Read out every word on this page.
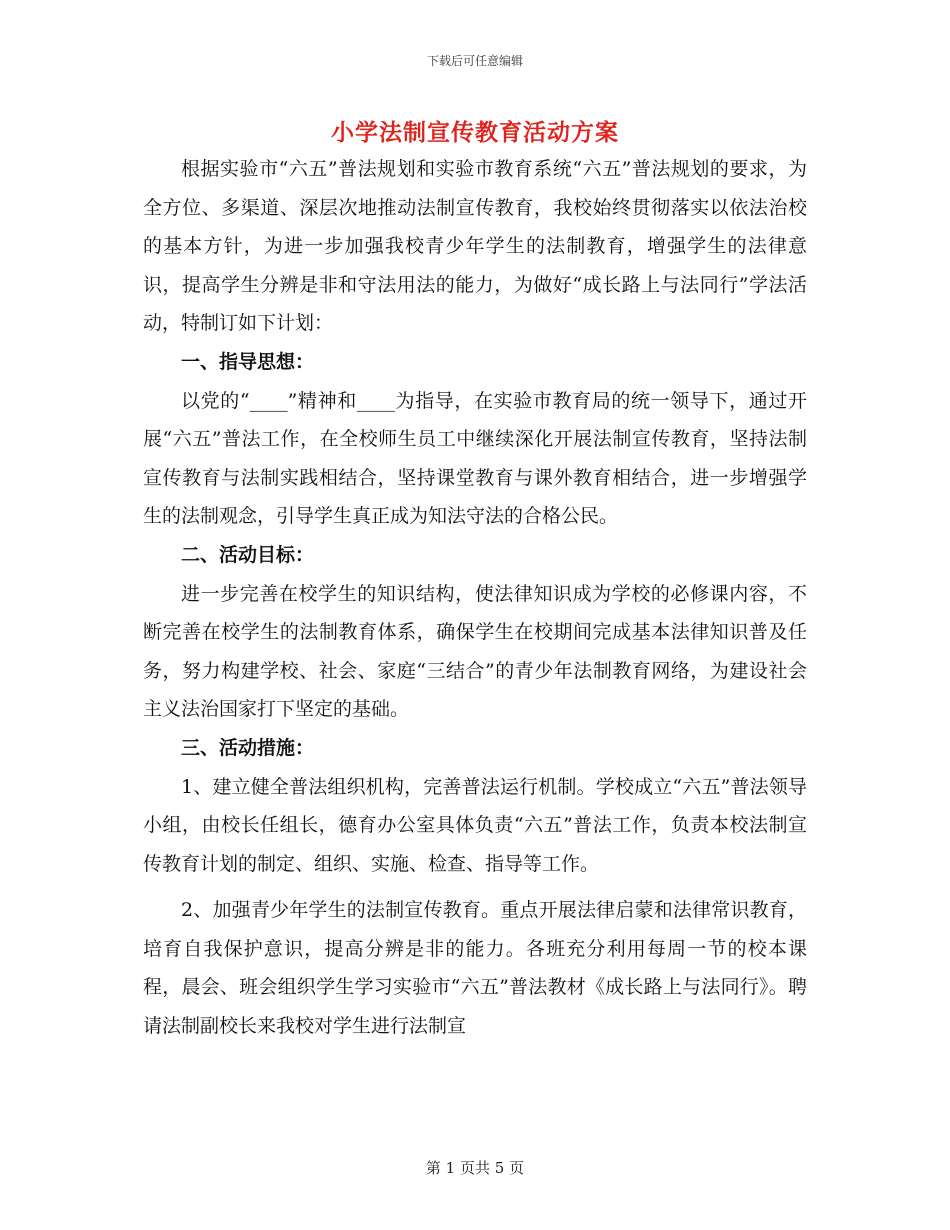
下载后可任意编辑
小学法制宣传教育活动方案

根据实验市“六五”普法规划和实验市教育系统“六五”普法规划的要求，为全方位、多渠道、深层次地推动法制宣传教育，我校始终贯彻落实以依法治校的基本方针，为进一步加强我校青少年学生的法制教育，增强学生的法律意识，提高学生分辨是非和守法用法的能力，为做好“成长路上与法同行”学法活动，特制订如下计划：

一、指导思想：

以党的“____”精神和____为指导，在实验市教育局的统一领导下，通过开展“六五”普法工作，在全校师生员工中继续深化开展法制宣传教育，坚持法制宣传教育与法制实践相结合，坚持课堂教育与课外教育相结合，进一步增强学生的法制观念，引导学生真正成为知法守法的合格公民。

二、活动目标：

进一步完善在校学生的知识结构，使法律知识成为学校的必修课内容，不断完善在校学生的法制教育体系，确保学生在校期间完成基本法律知识普及任务，努力构建学校、社会、家庭“三结合”的青少年法制教育网络，为建设社会主义法治国家打下坚定的基础。

三、活动措施：

1、建立健全普法组织机构，完善普法运行机制。学校成立“六五”普法领导小组，由校长任组长，德育办公室具体负责“六五”普法工作，负责本校法制宣传教育计划的制定、组织、实施、检查、指导等工作。

2、加强青少年学生的法制宣传教育。重点开展法律启蒙和法律常识教育，培育自我保护意识，提高分辨是非的能力。各班充分利用每周一节的校本课程，晨会、班会组织学生学习实验市“六五”普法教材《成长路上与法同行》。聘请法制副校长来我校对学生进行法制宣

第 1 页共 5 页
